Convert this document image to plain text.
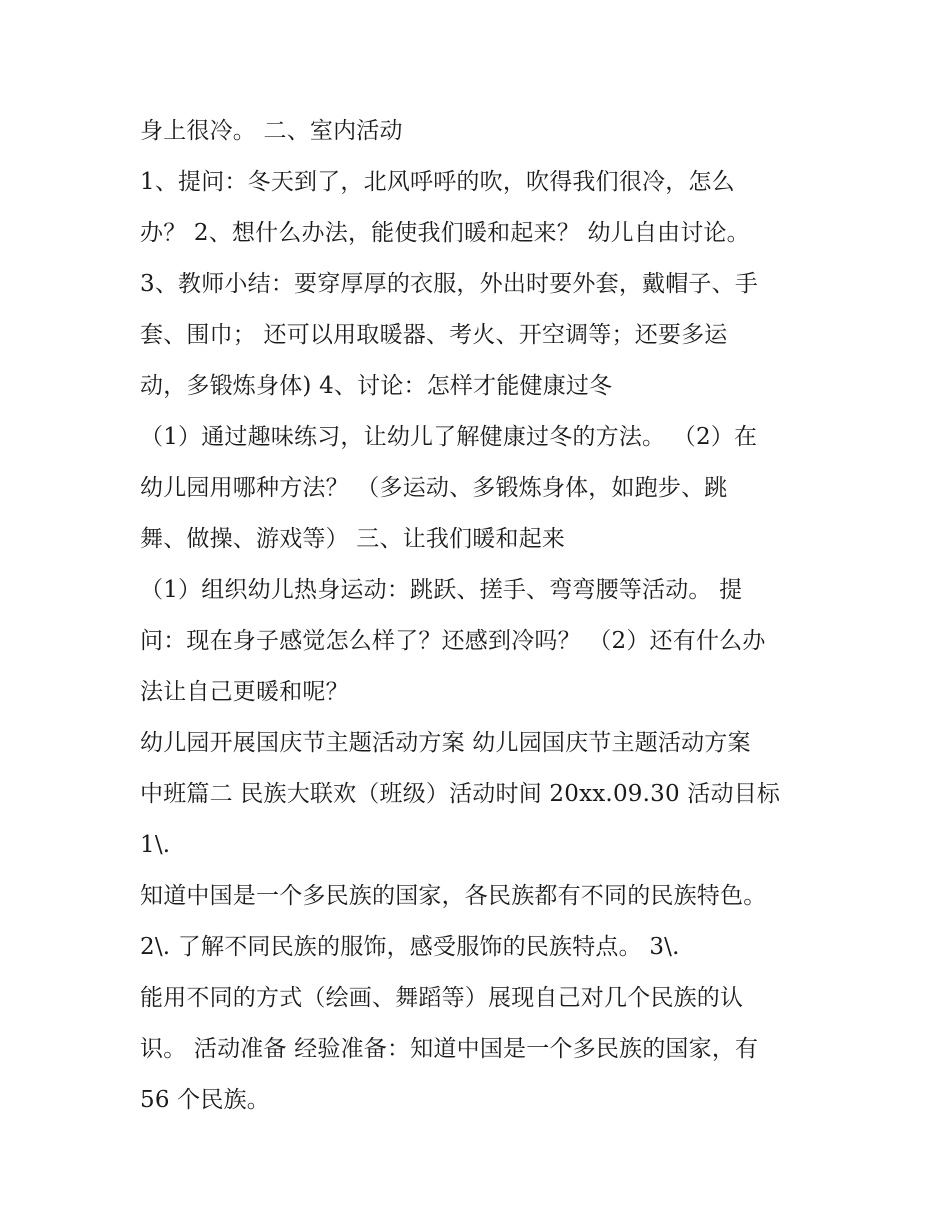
身上很冷。 二、室内活动
1、提问：冬天到了，北风呼呼的吹，吹得我们很冷，怎么
办？ 2、想什么办法，能使我们暖和起来？ 幼儿自由讨论。
3、教师小结：要穿厚厚的衣服，外出时要外套，戴帽子、手
套、围巾； 还可以用取暖器、考火、开空调等；还要多运
动，多锻炼身体) 4、讨论：怎样才能健康过冬
（1）通过趣味练习，让幼儿了解健康过冬的方法。 （2）在
幼儿园用哪种方法？ （多运动、多锻炼身体，如跑步、跳
舞、做操、游戏等） 三、让我们暖和起来
（1）组织幼儿热身运动：跳跃、搓手、弯弯腰等活动。 提
问：现在身子感觉怎么样了？还感到冷吗？ （2）还有什么办
法让自己更暖和呢？
幼儿园开展国庆节主题活动方案 幼儿园国庆节主题活动方案
中班篇二 民族大联欢（班级）活动时间 20xx.09.30 活动目标
1\.
知道中国是一个多民族的国家，各民族都有不同的民族特色。
2\. 了解不同民族的服饰，感受服饰的民族特点。 3\.
能用不同的方式（绘画、舞蹈等）展现自己对几个民族的认
识。 活动准备 经验准备：知道中国是一个多民族的国家，有
56 个民族。
